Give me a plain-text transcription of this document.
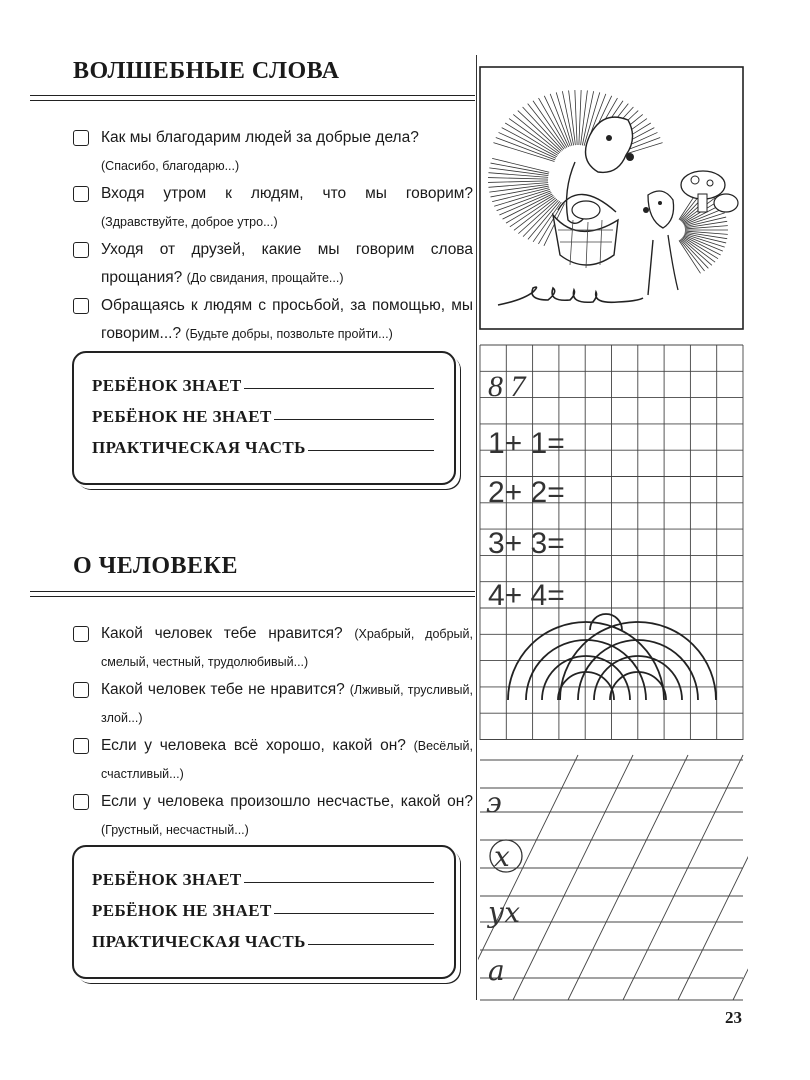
ВОЛШЕБНЫЕ СЛОВА
Как мы благодарим людей за добрые дела?
(Спасибо, благодарю...)
Входя утром к людям, что мы говорим? (Здравствуйте, доброе утро...)
Уходя от друзей, какие мы говорим слова прощания? (До свидания, прощайте...)
Обращаясь к людям с просьбой, за помощью, мы говорим...? (Будьте добры, позвольте пройти...)
РЕБЁНОК ЗНАЕТ
РЕБЁНОК НЕ ЗНАЕТ
ПРАКТИЧЕСКАЯ ЧАСТЬ
О ЧЕЛОВЕКЕ
Какой человек тебе нравится? (Храбрый, добрый, смелый, честный, трудолюбивый...)
Какой человек тебе не нравится? (Лживый, трусливый, злой...)
Если у человека всё хорошо, какой он? (Весёлый, счастливый...)
Если у человека произошло несчастье, какой он? (Грустный, несчастный...)
РЕБЁНОК ЗНАЕТ
РЕБЁНОК НЕ ЗНАЕТ
ПРАКТИЧЕСКАЯ ЧАСТЬ
8 7
1+ 1=
2+ 2=
3+ 3=
4+ 4=
э
х
ух
а
23
